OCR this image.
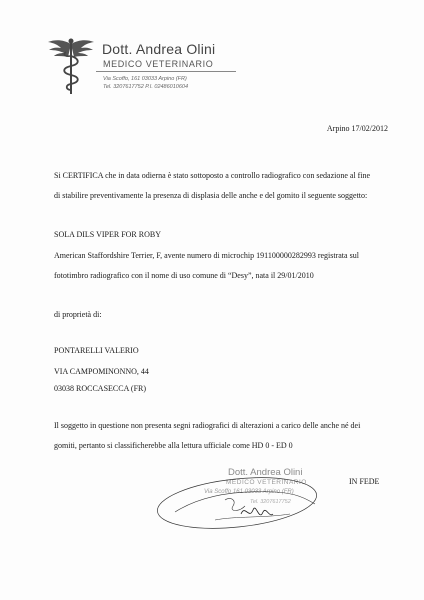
Dott. Andrea Olini
MEDICO VETERINARIO
Via Scoffo, 161 03033 Arpino (FR)
Tel. 3207617752 P.I. 02486010604
Arpino 17/02/2012
Si CERTIFICA che in data odierna è stato sottoposto a controllo radiografico con sedazione al fine
di stabilire preventivamente la presenza di displasia delle anche e del gomito il seguente soggetto:
SOLA DILS VIPER FOR ROBY
American Staffordshire Terrier, F, avente numero di microchip 191100000282993 registrata sul
fototimbro radiografico con il nome di uso comune di “Desy”, nata il 29/01/2010
di proprietà di:
PONTARELLI VALERIO
VIA CAMPOMINONNO, 44
03038 ROCCASECCA (FR)
Il soggetto in questione non presenta segni radiografici di alterazioni a carico delle anche né dei
gomiti, pertanto si classificherebbe alla lettura ufficiale come HD 0 - ED 0
Dott. Andrea Olini
MEDICO VETERINARIO
Via Scoffo 161 03033 Arpino (FR)
Tel. 3207617752
IN FEDE
